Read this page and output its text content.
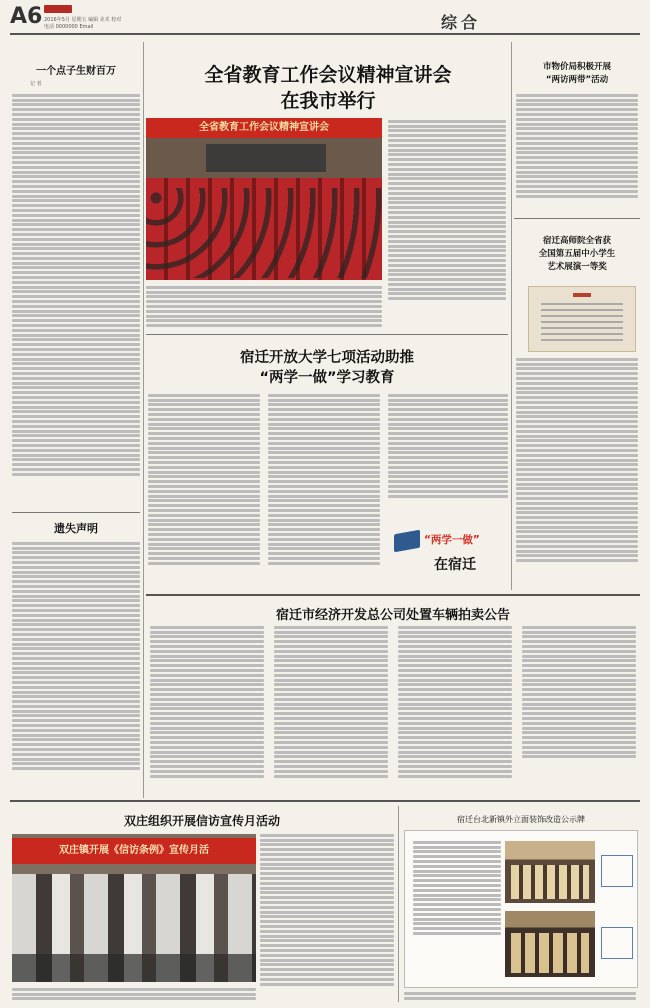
A6 2016年5月 星期五 编辑 美术 校对
电话 0000000 Email	综合
一个点子生财百万
记 者
遗失声明
全省教育工作会议精神宣讲会
在我市举行
全省教育工作会议精神宣讲会
市物价局积极开展
“两访两带”活动
宿迁高师院全省获
全国第五届中小学生
艺术展演一等奖
宿迁开放大学七项活动助推
“两学一做”学习教育
“两学一做”
在宿迁
宿迁市经济开发总公司处置车辆拍卖公告
双庄组织开展信访宣传月活动
双庄镇开展《信访条例》宣传月活
宿迁台北新镇外立面装饰改造公示牌
